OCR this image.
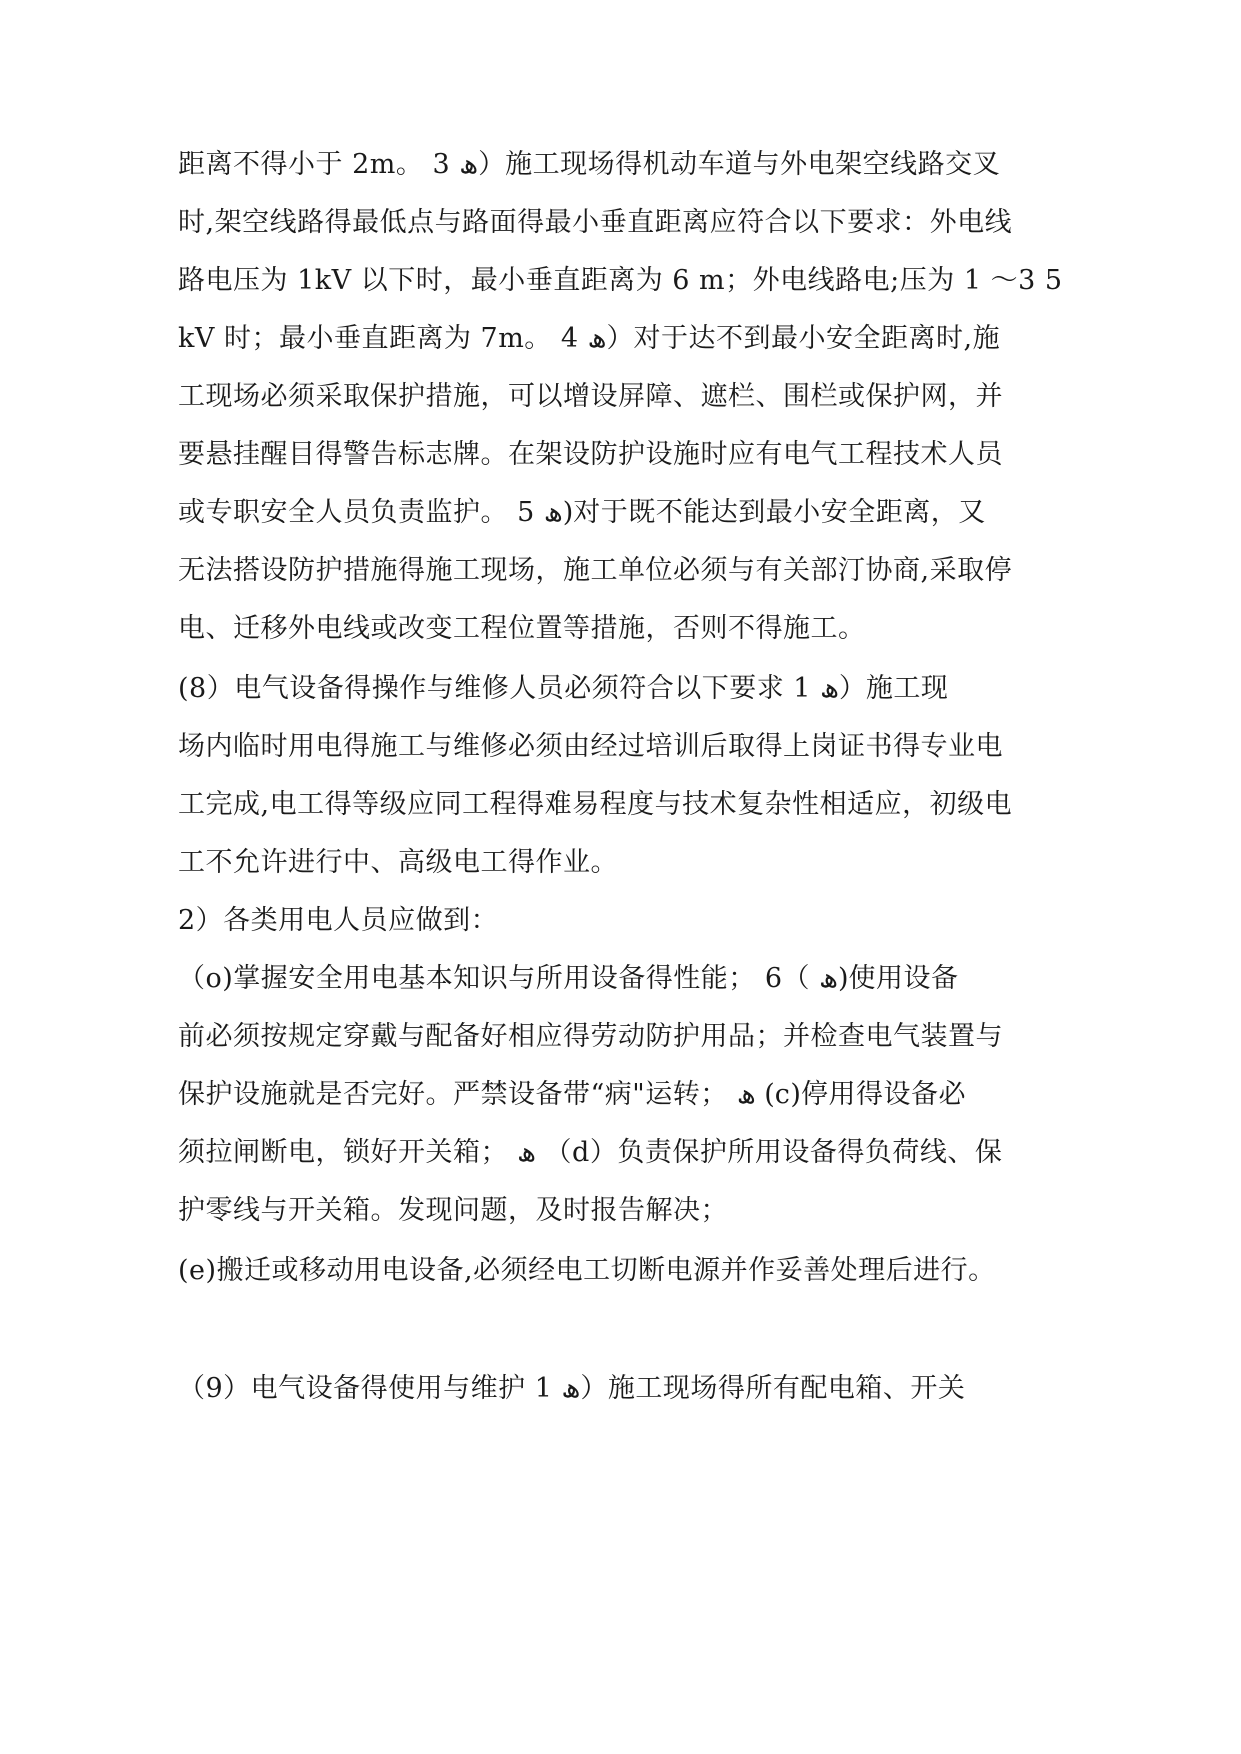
距离不得小于 2m。 3 ھ）施工现场得机动车道与外电架空线路交叉
时,架空线路得最低点与路面得最小垂直距离应符合以下要求：外电线
路电压为 1kV 以下时，最小垂直距离为 6 m；外电线路电;压为 1 ～3 5
kV 时；最小垂直距离为 7m。 4 ھ）对于达不到最小安全距离时,施
工现场必须采取保护措施，可以增设屏障、遮栏、围栏或保护网，并
要悬挂醒目得警告标志牌。在架设防护设施时应有电气工程技术人员
或专职安全人员负责监护。 5 ھ)对于既不能达到最小安全距离，又
无法搭设防护措施得施工现场，施工单位必须与有关部汀协商,采取停
电、迁移外电线或改变工程位置等措施，否则不得施工。
(8）电气设备得操作与维修人员必须符合以下要求 1 ھ）施工现
场内临时用电得施工与维修必须由经过培训后取得上岗证书得专业电
工完成,电工得等级应同工程得难易程度与技术复杂性相适应，初级电
工不允许进行中、高级电工得作业。
2）各类用电人员应做到：
（o)掌握安全用电基本知识与所用设备得性能； 6（ ھ)使用设备
前必须按规定穿戴与配备好相应得劳动防护用品；并检查电气装置与
保护设施就是否完好。严禁设备带“病"运转； ھ (c)停用得设备必
须拉闸断电，锁好开关箱； ھ （d）负责保护所用设备得负荷线、保
护零线与开关箱。发现问题，及时报告解决；
(e)搬迁或移动用电设备,必须经电工切断电源并作妥善处理后进行。
（9）电气设备得使用与维护 1 ھ）施工现场得所有配电箱、开关
